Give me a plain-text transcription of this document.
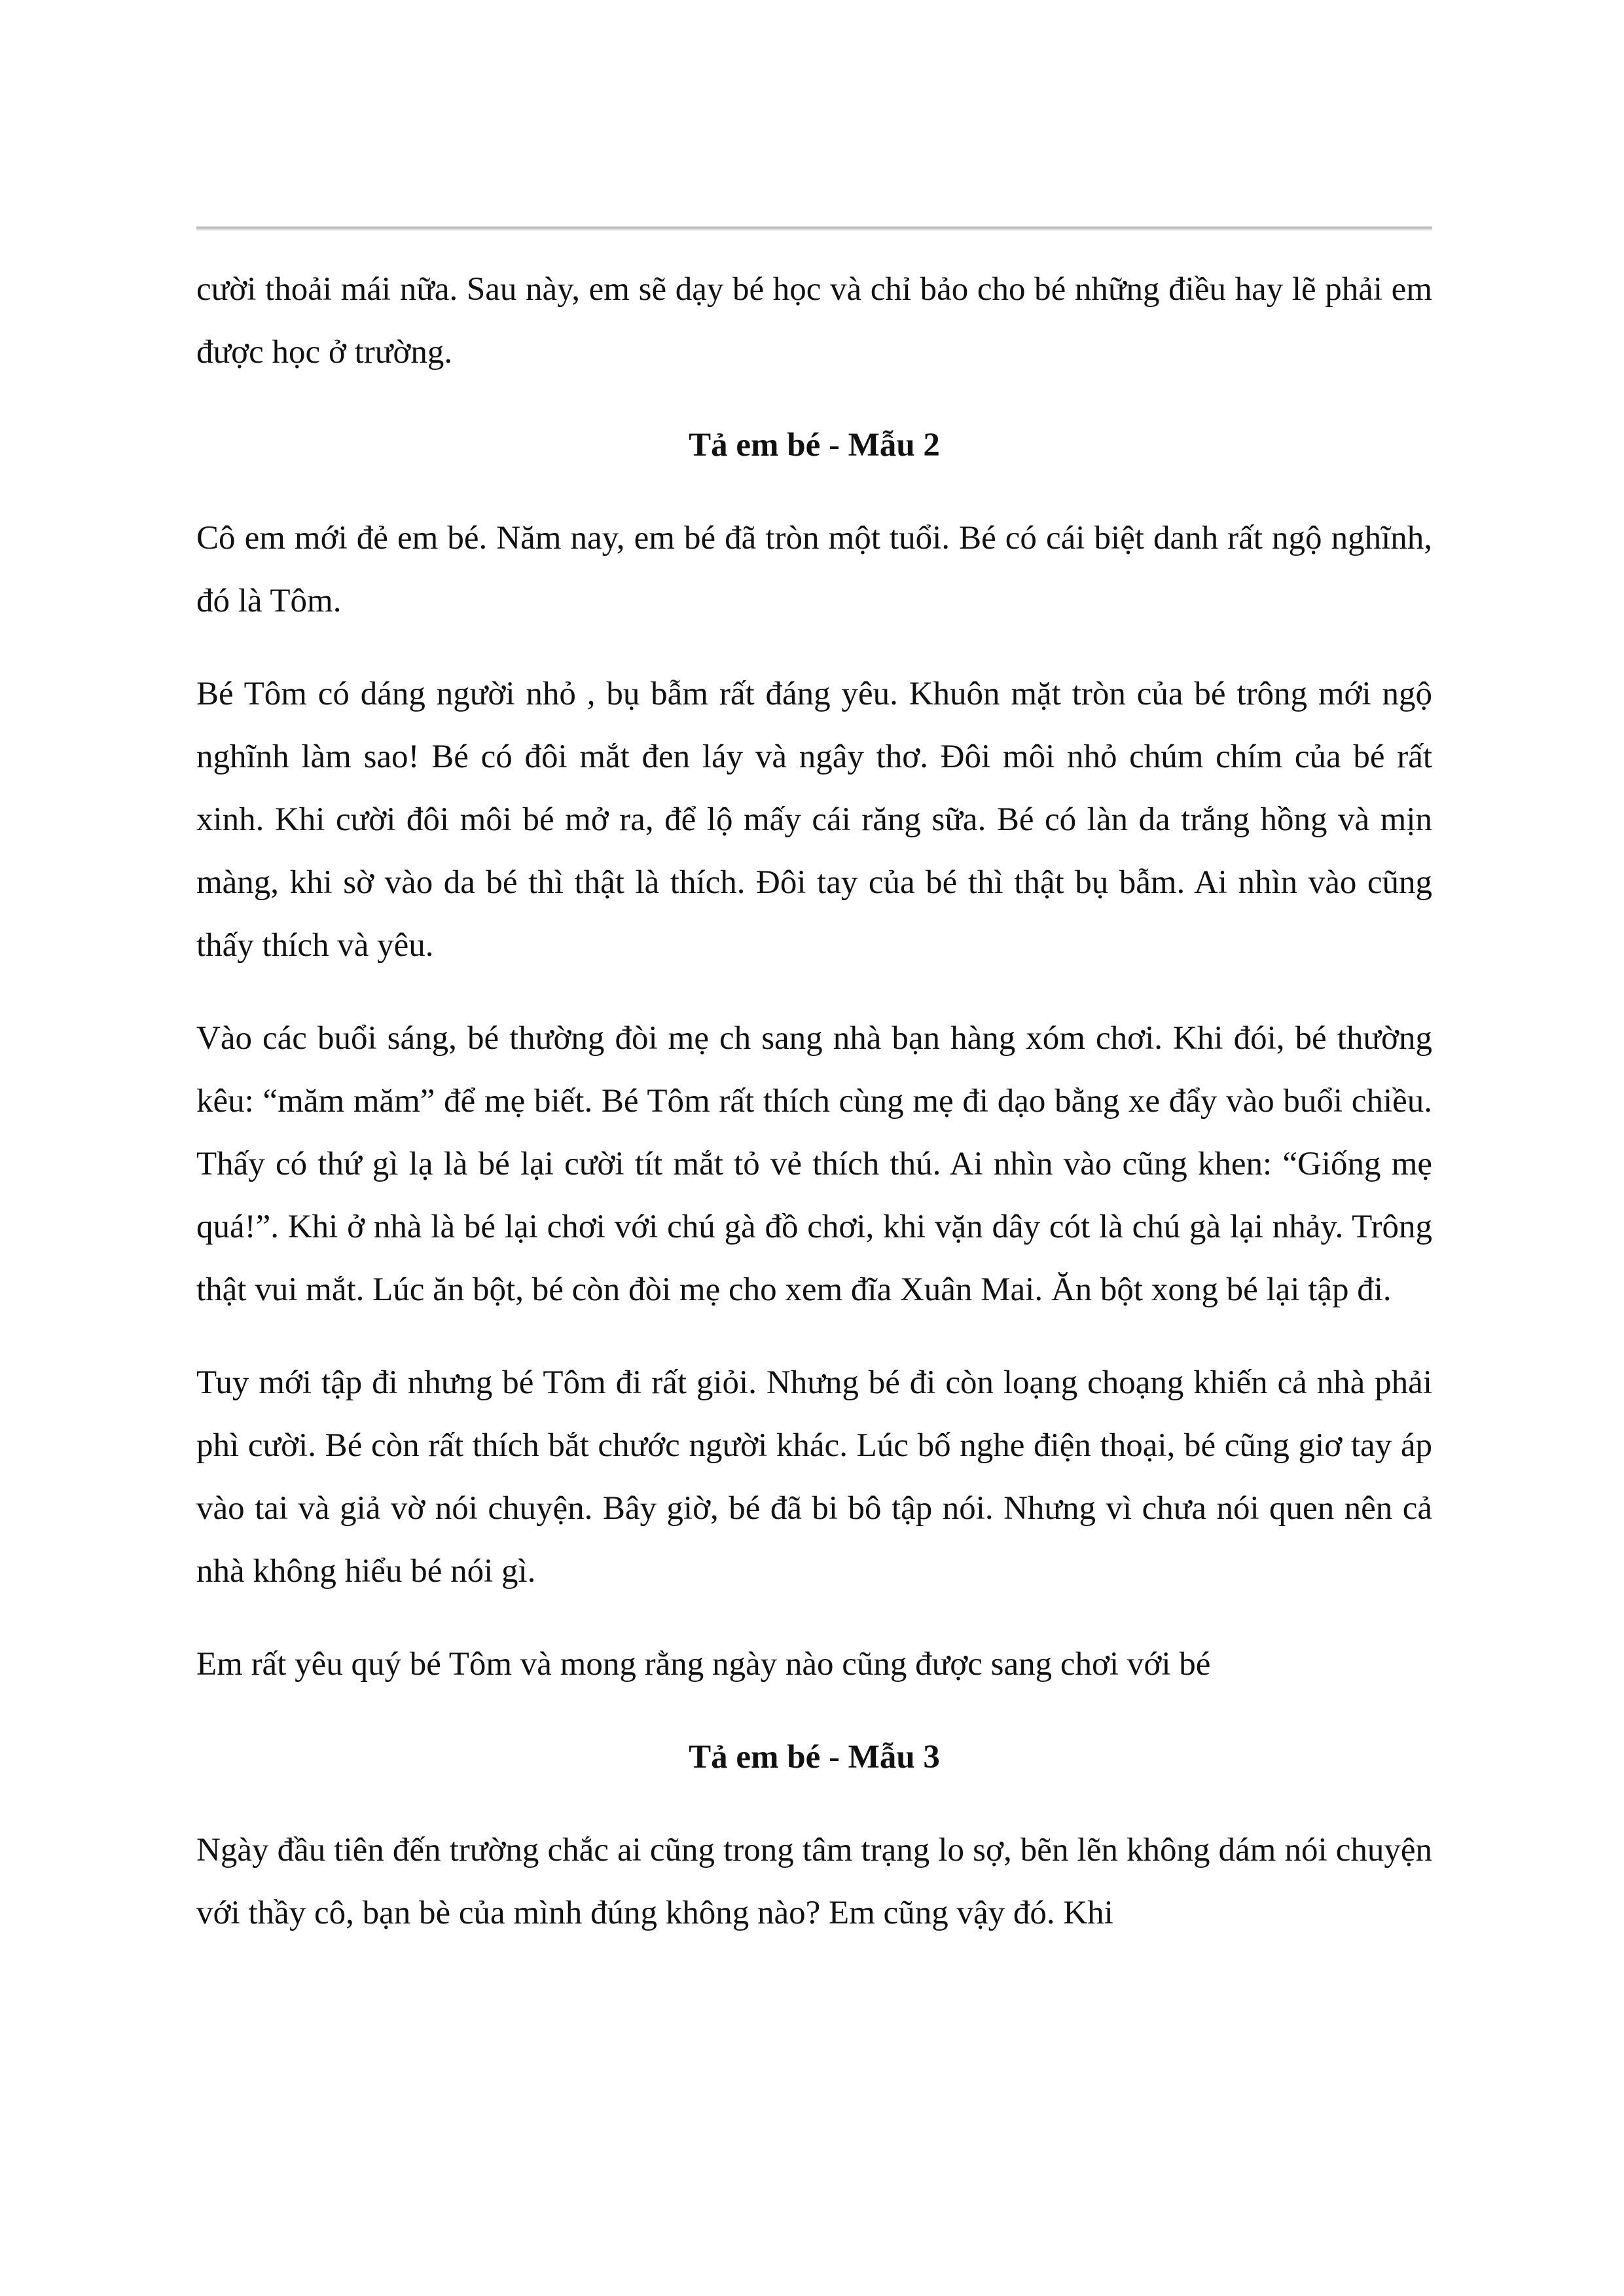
cười thoải mái nữa. Sau này, em sẽ dạy bé học và chỉ bảo cho bé những điều hay lẽ phải em được học ở trường.

Tả em bé - Mẫu 2

Cô em mới đẻ em bé. Năm nay, em bé đã tròn một tuổi. Bé có cái biệt danh rất ngộ nghĩnh, đó là Tôm.

Bé Tôm có dáng người nhỏ , bụ bẫm rất đáng yêu. Khuôn mặt tròn của bé trông mới ngộ nghĩnh làm sao! Bé có đôi mắt đen láy và ngây thơ. Đôi môi nhỏ chúm chím của bé rất xinh. Khi cười đôi môi bé mở ra, để lộ mấy cái răng sữa. Bé có làn da trắng hồng và mịn màng, khi sờ vào da bé thì thật là thích. Đôi tay của bé thì thật bụ bẫm. Ai nhìn vào cũng thấy thích và yêu.

Vào các buổi sáng, bé thường đòi mẹ ch sang nhà bạn hàng xóm chơi. Khi đói, bé thường kêu: “măm măm” để mẹ biết. Bé Tôm rất thích cùng mẹ đi dạo bằng xe đẩy vào buổi chiều. Thấy có thứ gì lạ là bé lại cười tít mắt tỏ vẻ thích thú. Ai nhìn vào cũng khen: “Giống mẹ quá!”. Khi ở nhà là bé lại chơi với chú gà đồ chơi, khi vặn dây cót là chú gà lại nhảy. Trông thật vui mắt. Lúc ăn bột, bé còn đòi mẹ cho xem đĩa Xuân Mai. Ăn bột xong bé lại tập đi.

Tuy mới tập đi nhưng bé Tôm đi rất giỏi. Nhưng bé đi còn loạng choạng khiến cả nhà phải phì cười. Bé còn rất thích bắt chước người khác. Lúc bố nghe điện thoại, bé cũng giơ tay áp vào tai và giả vờ nói chuyện. Bây giờ, bé đã bi bô tập nói. Nhưng vì chưa nói quen nên cả nhà không hiểu bé nói gì.

Em rất yêu quý bé Tôm và mong rằng ngày nào cũng được sang chơi với bé

Tả em bé - Mẫu 3

Ngày đầu tiên đến trường chắc ai cũng trong tâm trạng lo sợ, bẽn lẽn không dám nói chuyện với thầy cô, bạn bè của mình đúng không nào? Em cũng vậy đó. Khi
